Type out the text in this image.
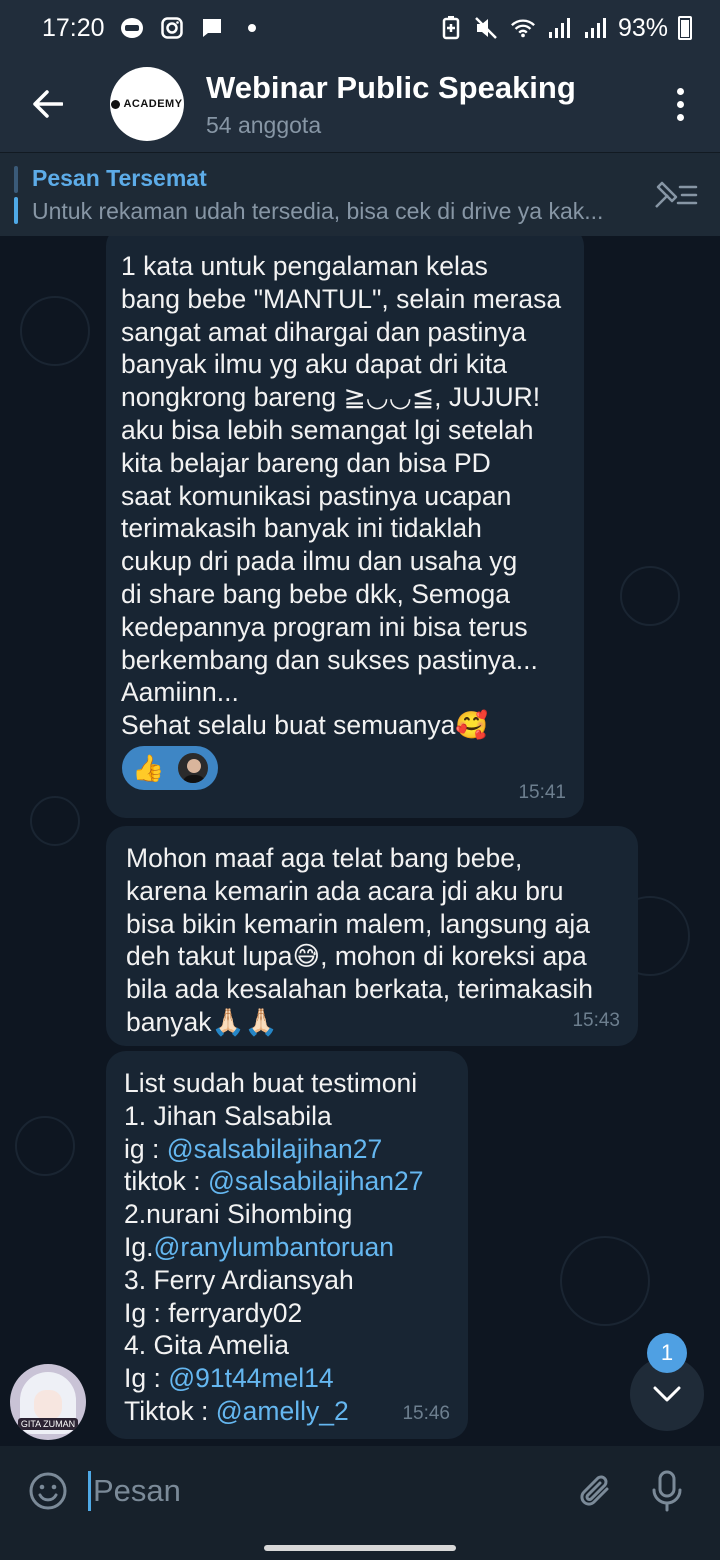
17:20	93%
ACADEMY Webinar Public Speaking
54 anggota
Pesan Tersemat
Untuk rekaman udah tersedia, bisa cek di drive ya kak...
1 kata untuk pengalaman kelas
bang bebe "MANTUL", selain merasa
sangat amat dihargai dan pastinya
banyak ilmu yg aku dapat dri kita
nongkrong bareng ≧◡◡≦, JUJUR!
aku bisa lebih semangat lgi setelah
kita belajar bareng dan bisa PD
saat komunikasi pastinya ucapan
terimakasih banyak ini tidaklah
cukup dri pada ilmu dan usaha yg
di share bang bebe dkk, Semoga
kedepannya program ini bisa terus
berkembang dan sukses pastinya...
Aamiinn...
Sehat selalu buat semuanya🥰
👍
15:41
Mohon maaf aga telat bang bebe,
karena kemarin ada acara jdi aku bru
bisa bikin kemarin malem, langsung aja
deh takut lupa😅, mohon di koreksi apa
bila ada kesalahan berkata, terimakasih
banyak🙏🏻🙏🏻	15:43
List sudah buat testimoni
1. Jihan Salsabila
ig : @salsabilajihan27
tiktok : @salsabilajihan27
2.nurani Sihombing
Ig.@ranylumbantoruan
3. Ferry Ardiansyah
Ig : ferryardy02
4. Gita Amelia
Ig : @91t44mel14
Tiktok : @amelly_2	15:46
GITA ZUMAN
1
Pesan
